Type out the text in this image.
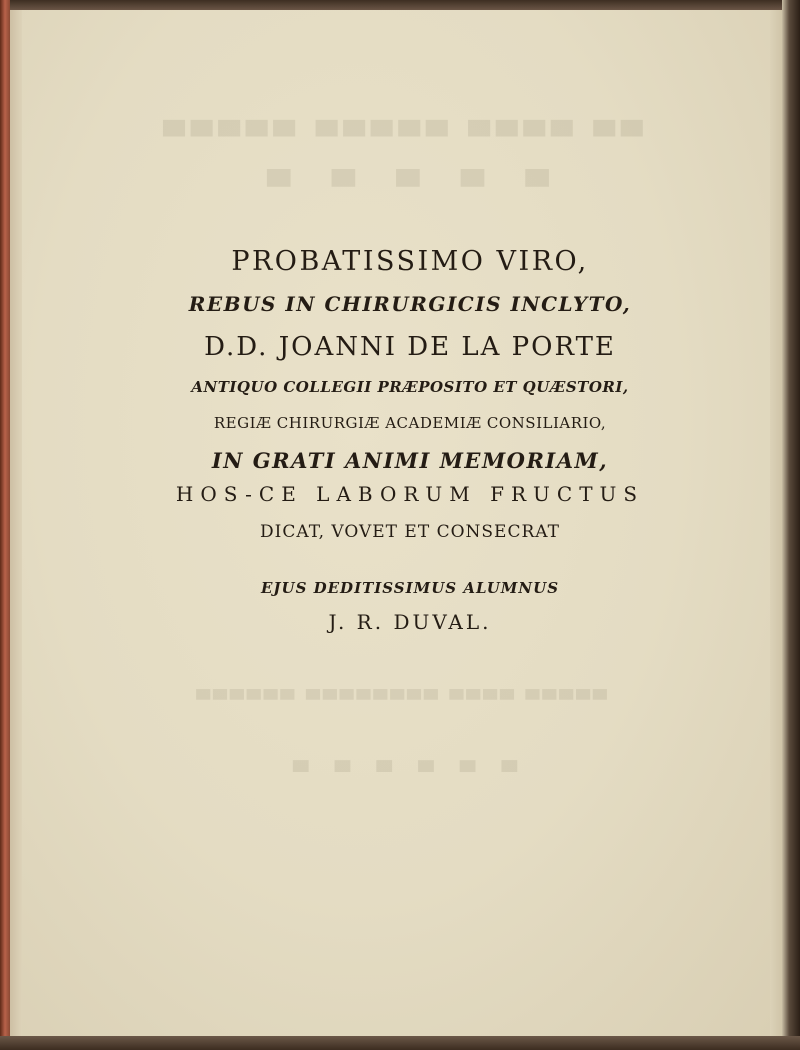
▀▀ ▀▀▀▀ ▀▀▀▀▀ ▀▀▀▀▀
▀ ▀ ▀ ▀ ▀
▀▀▀▀▀ ▀▀▀▀ ▀▀▀▀▀▀▀▀ ▀▀▀▀▀▀
▀ ▀ ▀ ▀ ▀ ▀
PROBATISSIMO VIRO,
REBUS IN CHIRURGICIS INCLYTO,
D.D. JOANNI DE LA PORTE
ANTIQUO COLLEGII PRÆPOSITO ET QUÆSTORI,
REGIÆ CHIRURGIÆ ACADEMIÆ CONSILIARIO,
IN GRATI ANIMI MEMORIAM,
HOS-CE LABORUM FRUCTUS
DICAT, VOVET ET CONSECRAT
EJUS DEDITISSIMUS ALUMNUS
J. R. DUVAL.
